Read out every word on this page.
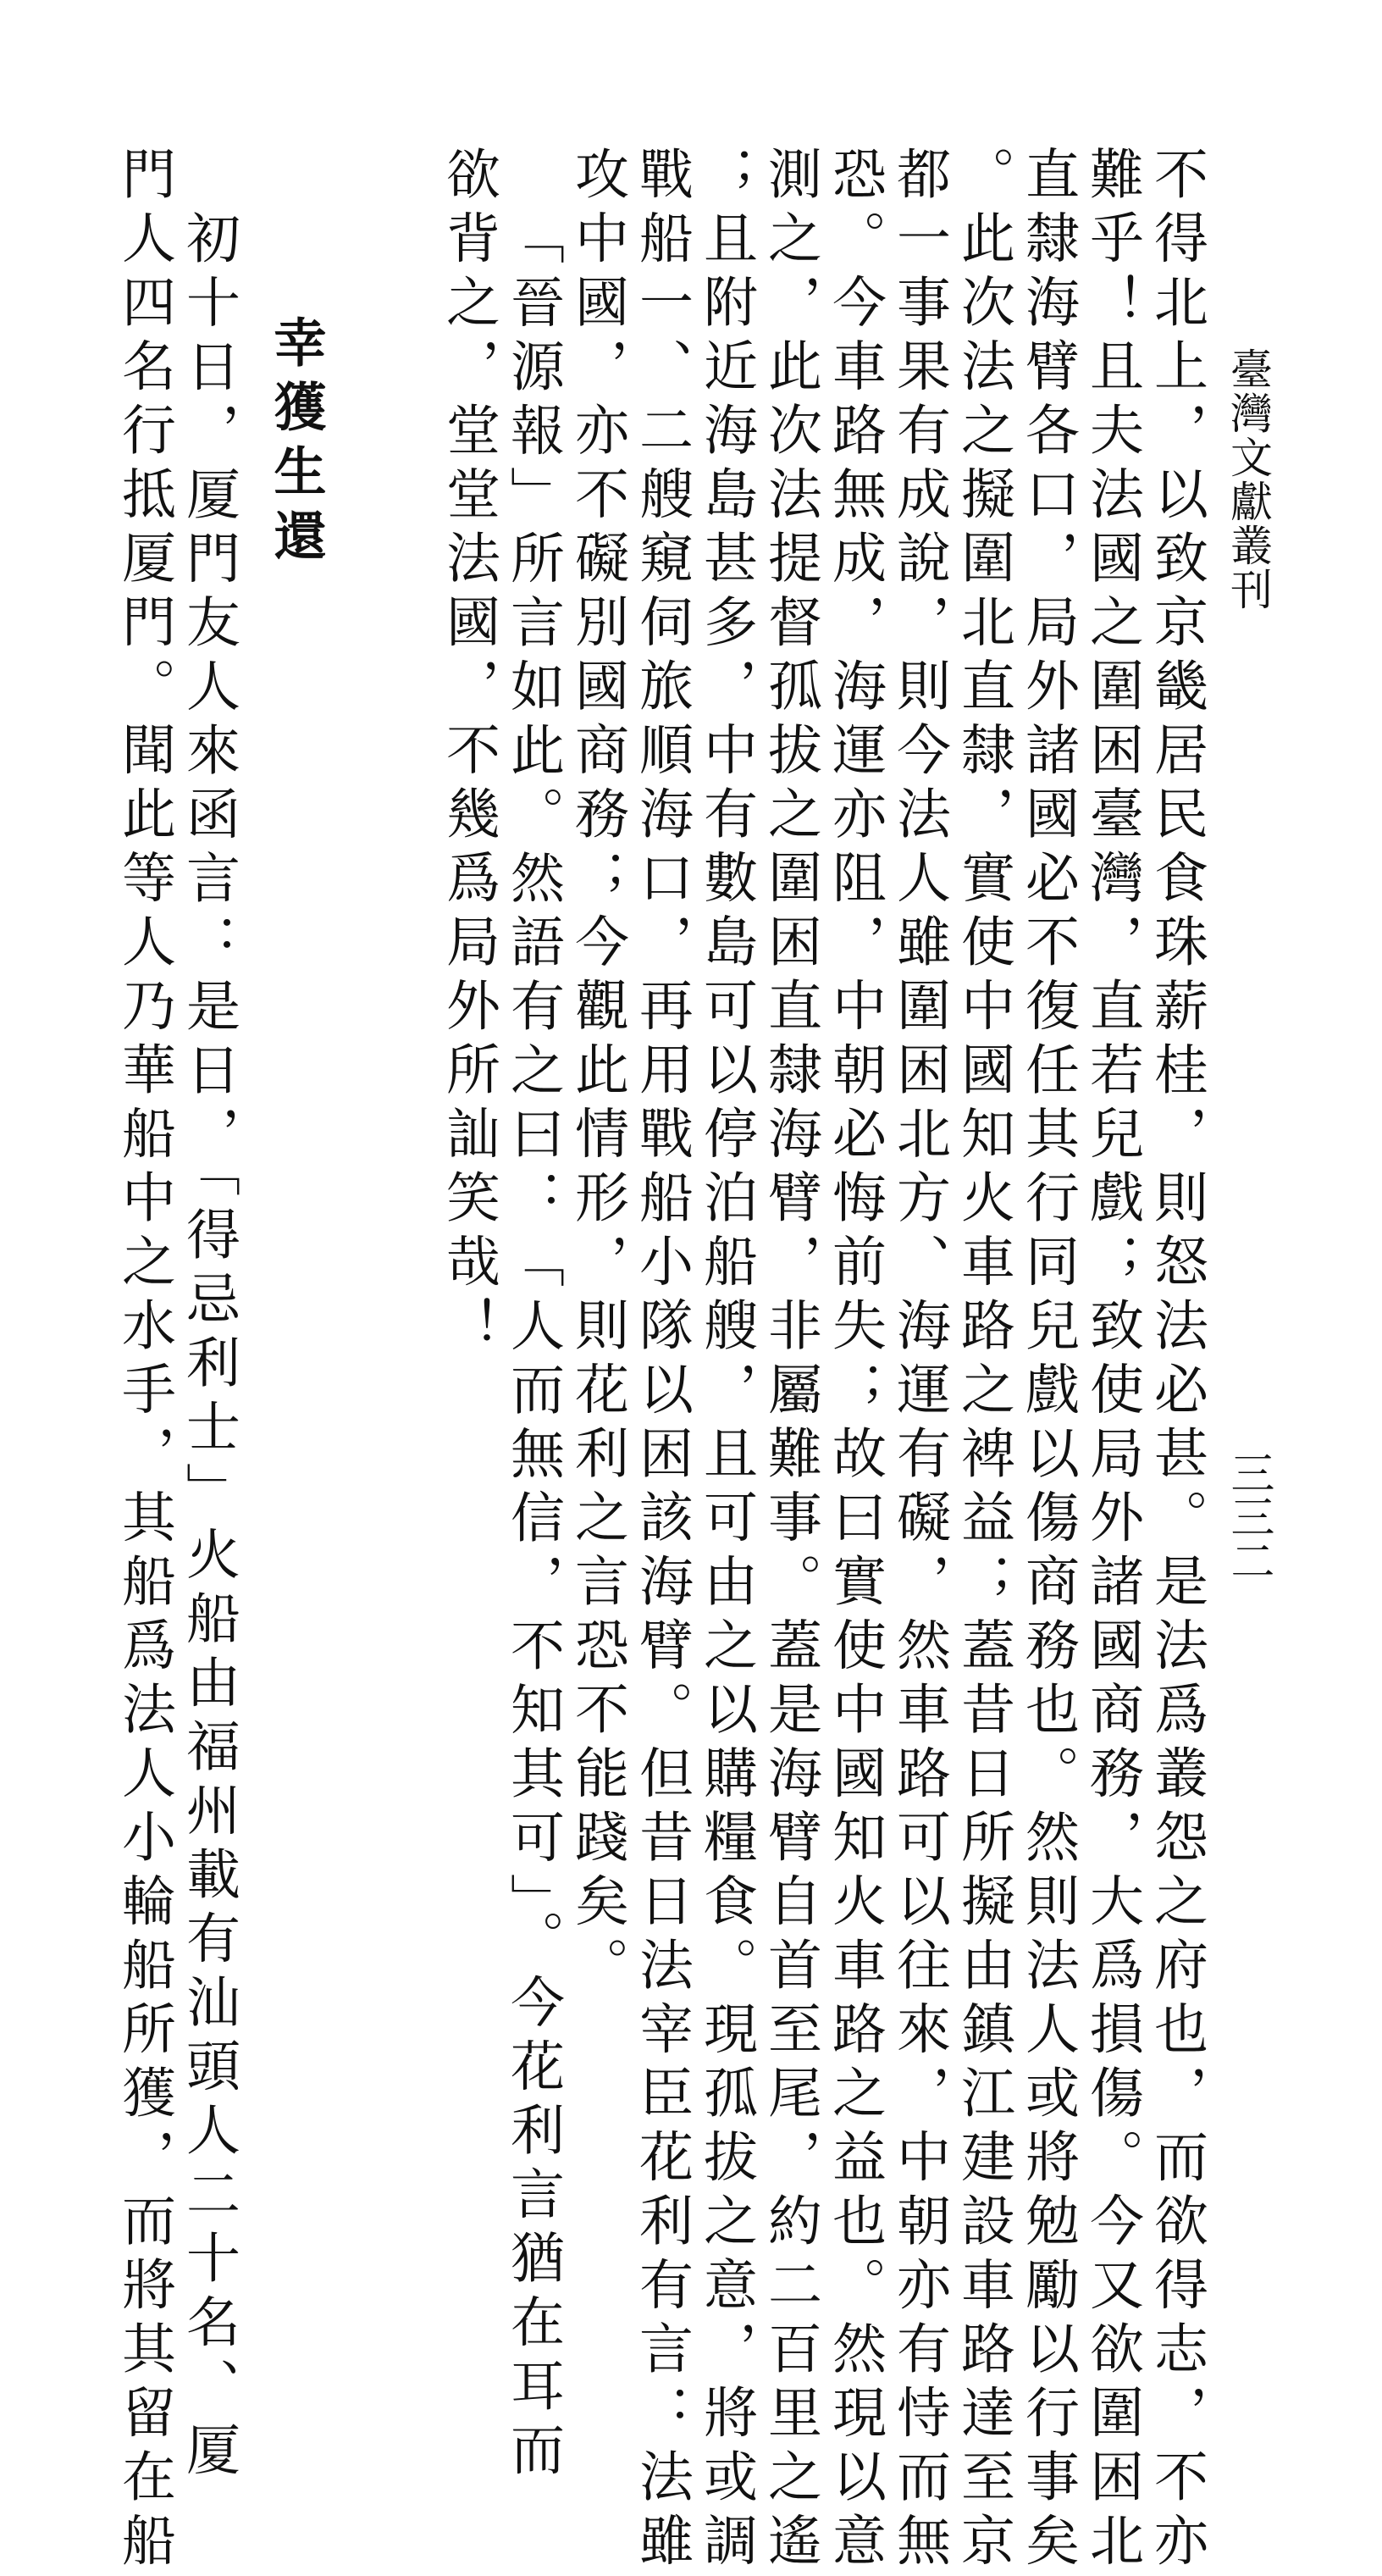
臺灣文獻叢刊
三三二
不得北上，以致京畿居民食珠薪桂，則怒法必甚。是法爲叢怨之府也，而欲得志，不亦
難乎！且夫法國之圍困臺灣，直若兒戲；致使局外諸國商務，大爲損傷。今又欲圍困北
直隸海臂各口，局外諸國必不復任其行同兒戲以傷商務也。然則法人或將勉勵以行事矣
。此次法之擬圍北直隸，實使中國知火車路之裨益；蓋昔日所擬由鎮江建設車路達至京
都一事果有成說，則今法人雖圍困北方、海運有礙，然車路可以往來，中朝亦有恃而無
恐。今車路無成，海運亦阻，中朝必悔前失；故曰實使中國知火車路之益也。然現以意
測之，此次法提督孤拔之圍困直隸海臂，非屬難事。蓋是海臂自首至尾，約二百里之遙
；且附近海島甚多，中有數島可以停泊船艘，且可由之以購糧食。現孤拔之意，將或調
戰船一、二艘窺伺旅順海口，再用戰船小隊以困該海臂。但昔日法宰臣花利有言：法雖
攻中國，亦不礙別國商務；今觀此情形，則花利之言恐不能踐矣。
「晉源報」所言如此。然語有之曰：「人而無信，不知其可」。今花利言猶在耳而
欲背之，堂堂法國，不幾爲局外所訕笑哉！
幸獲生還
初十日，厦門友人來函言：是日，「得忌利士」火船由福州載有汕頭人二十名、厦
門人四名行抵厦門。聞此等人乃華船中之水手，其船爲法人小輪船所獲，而將其留在船
